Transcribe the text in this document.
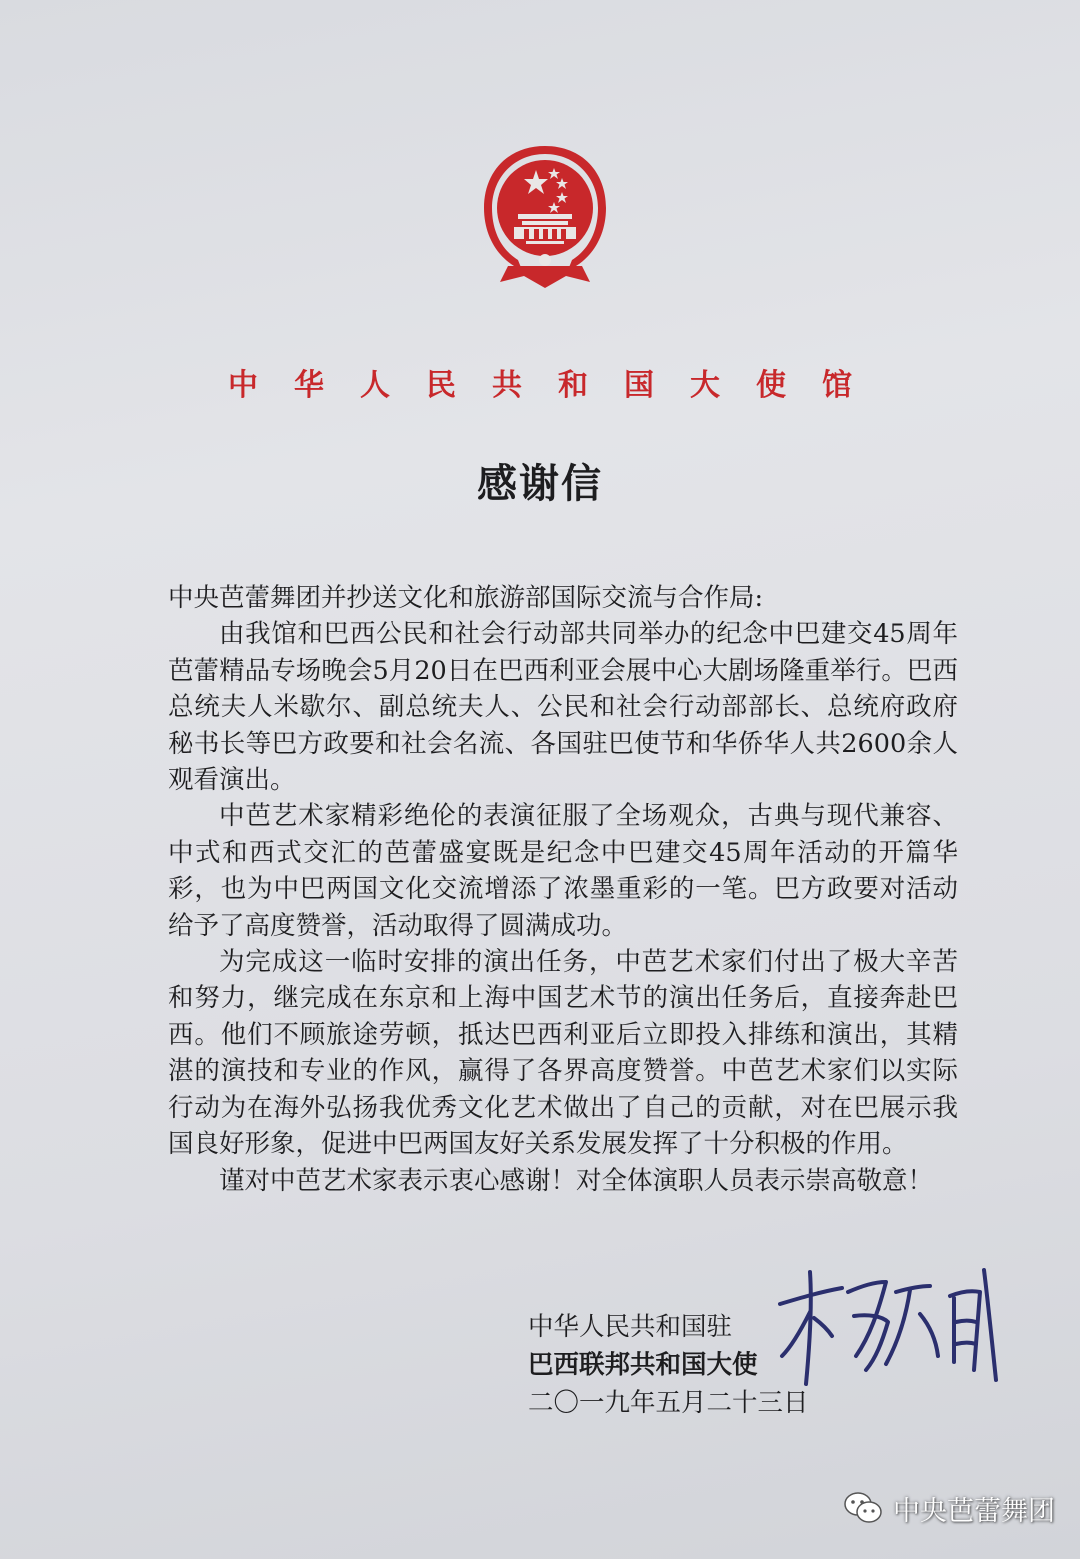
中华人民共和国大使馆
感谢信

中央芭蕾舞团并抄送文化和旅游部国际交流与合作局:

由我馆和巴西公民和社会行动部共同举办的纪念中巴建交45周年芭蕾精品专场晚会5月20日在巴西利亚会展中心大剧场隆重举行。巴西总统夫人米歇尔、副总统夫人、公民和社会行动部部长、总统府政府秘书长等巴方政要和社会名流、各国驻巴使节和华侨华人共2600余人观看演出。

中芭艺术家精彩绝伦的表演征服了全场观众，古典与现代兼容、中式和西式交汇的芭蕾盛宴既是纪念中巴建交45周年活动的开篇华彩，也为中巴两国文化交流增添了浓墨重彩的一笔。巴方政要对活动给予了高度赞誉，活动取得了圆满成功。

为完成这一临时安排的演出任务，中芭艺术家们付出了极大辛苦和努力，继完成在东京和上海中国艺术节的演出任务后，直接奔赴巴西。他们不顾旅途劳顿，抵达巴西利亚后立即投入排练和演出，其精湛的演技和专业的作风，赢得了各界高度赞誉。中芭艺术家们以实际行动为在海外弘扬我优秀文化艺术做出了自己的贡献，对在巴展示我国良好形象，促进中巴两国友好关系发展发挥了十分积极的作用。

谨对中芭艺术家表示衷心感谢！对全体演职人员表示崇高敬意！

中华人民共和国驻
巴西联邦共和国大使
二〇一九年五月二十三日
中央芭蕾舞团
